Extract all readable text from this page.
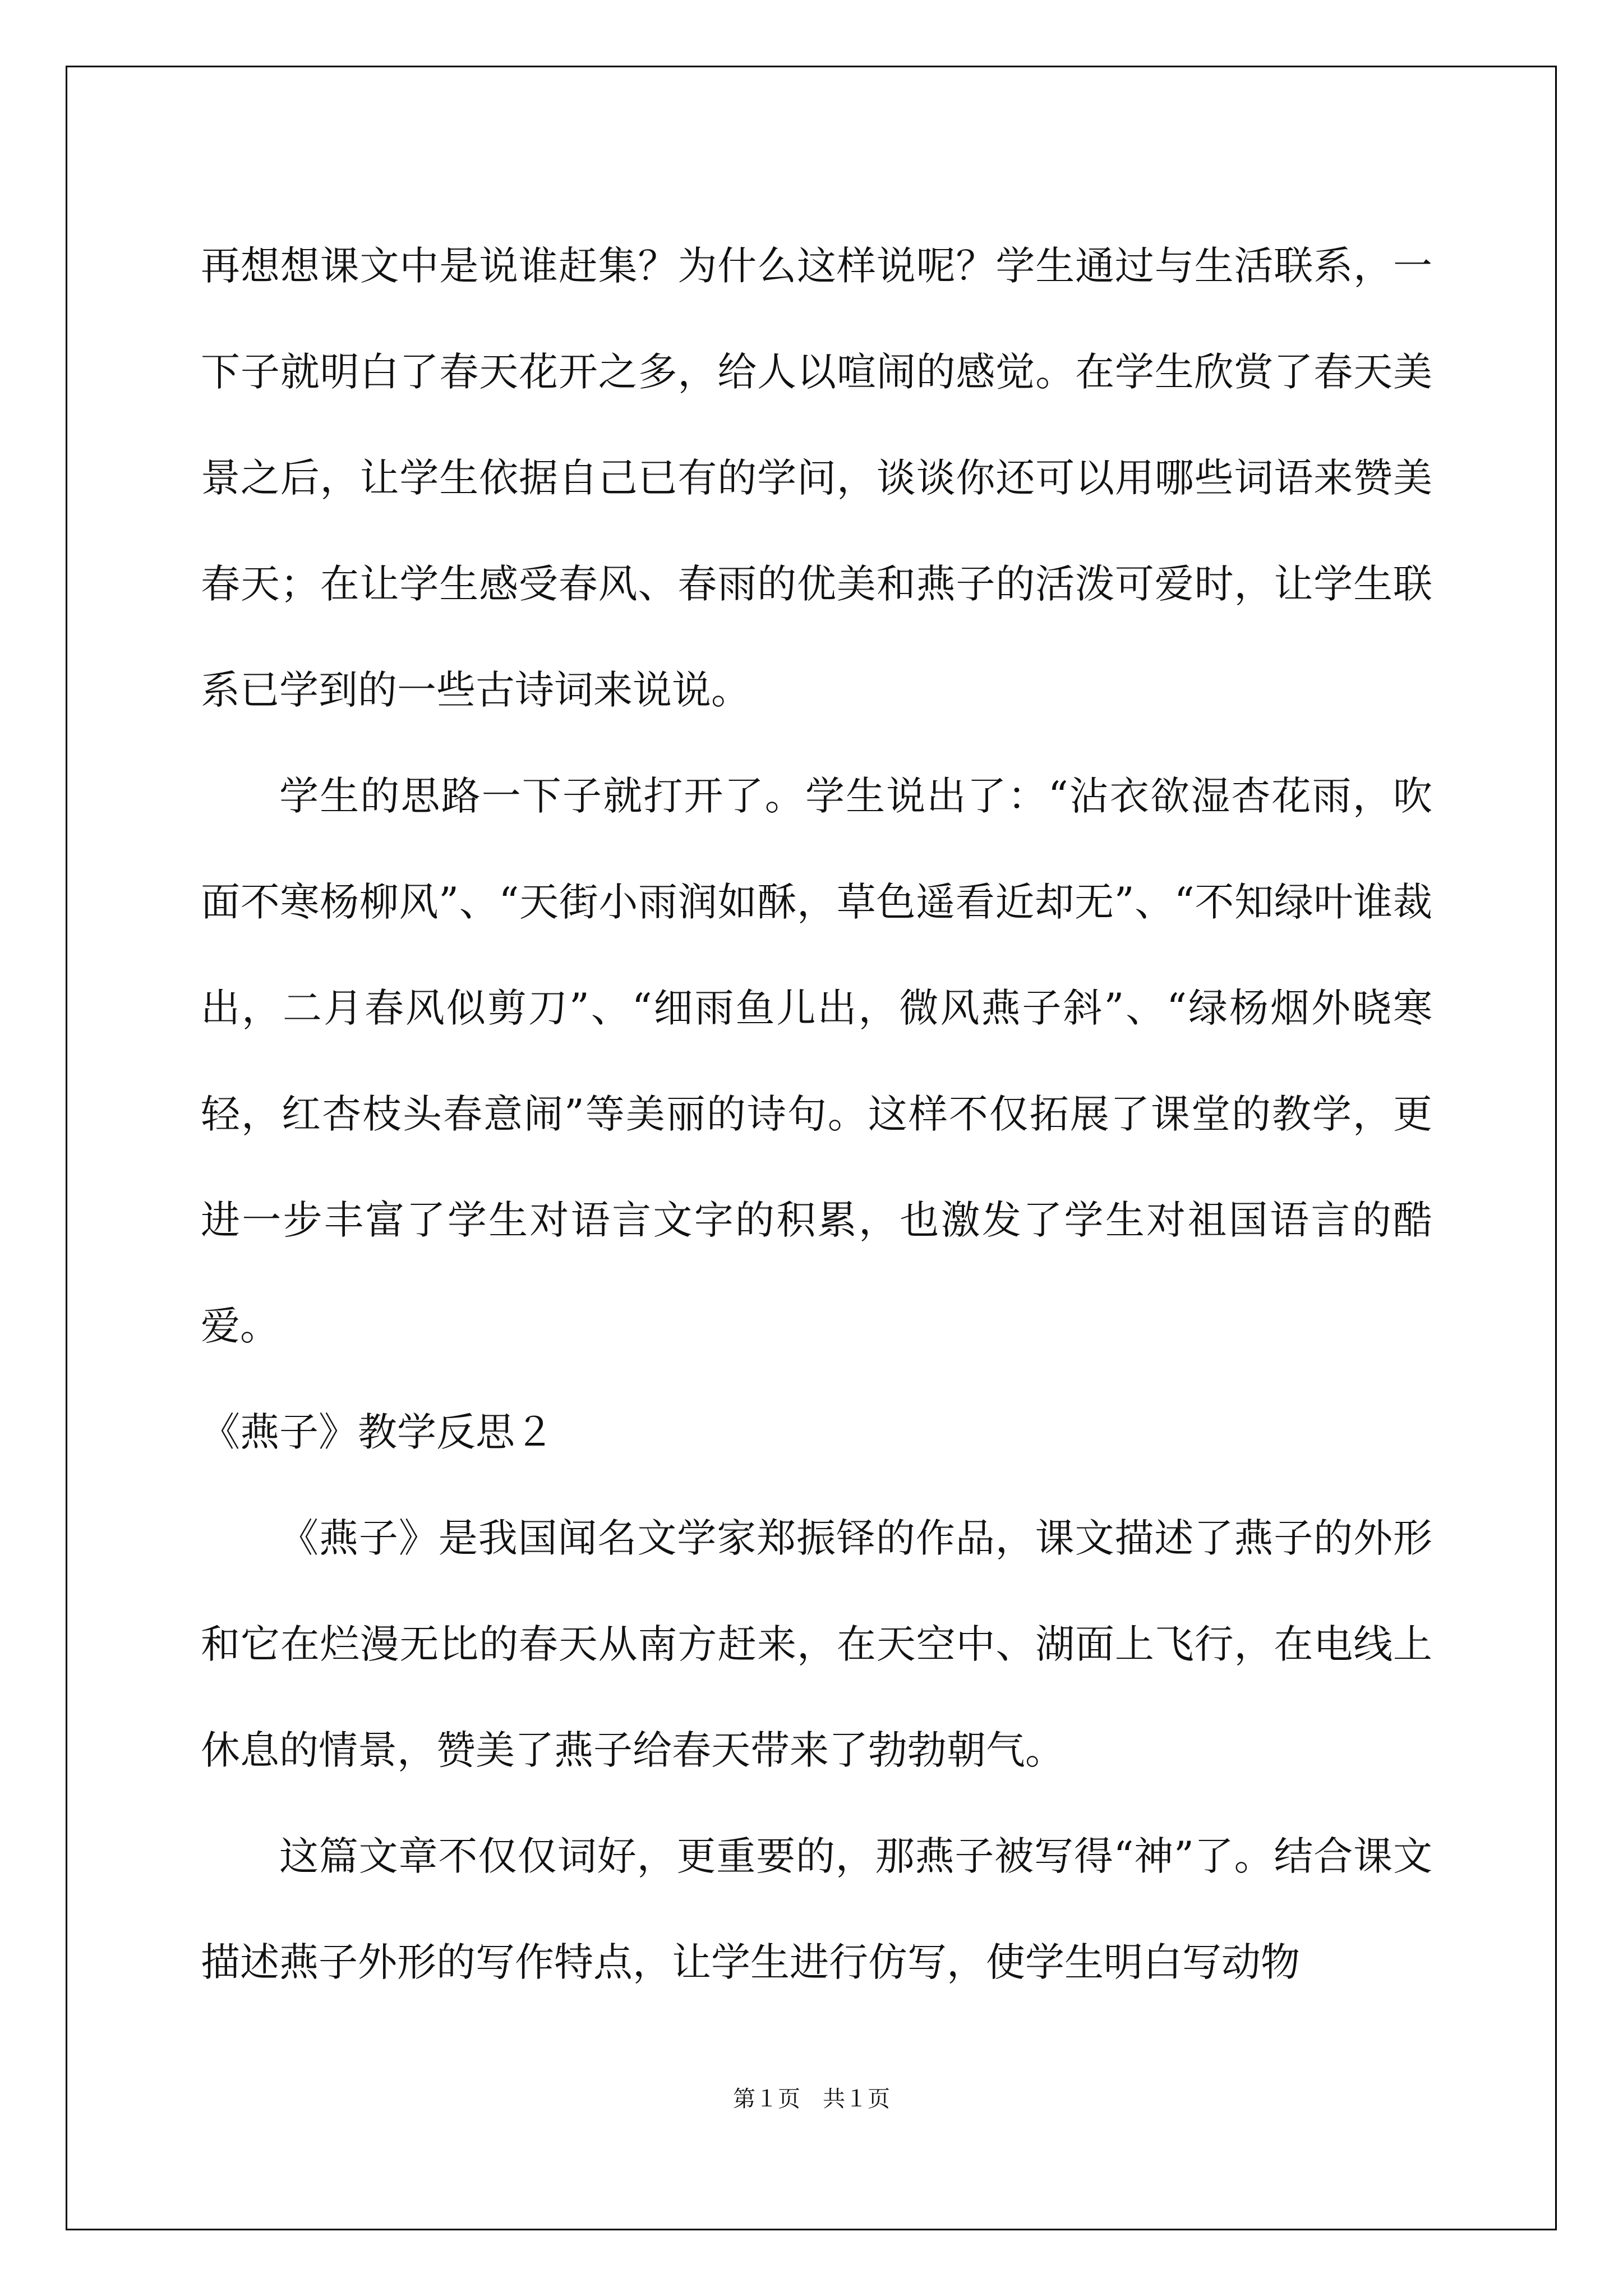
再想想课文中是说谁赶集？为什么这样说呢？学生通过与生活联系，一下子就明白了春天花开之多，给人以喧闹的感觉。在学生欣赏了春天美景之后，让学生依据自己已有的学问，谈谈你还可以用哪些词语来赞美春天；在让学生感受春风、春雨的优美和燕子的活泼可爱时，让学生联系已学到的一些古诗词来说说。

学生的思路一下子就打开了。学生说出了：“沾衣欲湿杏花雨，吹面不寒杨柳风”、“天街小雨润如酥，草色遥看近却无”、“不知绿叶谁裁出，二月春风似剪刀”、“细雨鱼儿出，微风燕子斜”、“绿杨烟外晓寒轻，红杏枝头春意闹”等美丽的诗句。这样不仅拓展了课堂的教学，更进一步丰富了学生对语言文字的积累，也激发了学生对祖国语言的酷爱。

《燕子》教学反思２

《燕子》是我国闻名文学家郑振铎的作品，课文描述了燕子的外形和它在烂漫无比的春天从南方赶来，在天空中、湖面上飞行，在电线上休息的情景，赞美了燕子给春天带来了勃勃朝气。

这篇文章不仅仅词好，更重要的，那燕子被写得“神”了。结合课文描述燕子外形的写作特点，让学生进行仿写，使学生明白写动物

第１页　共１页
